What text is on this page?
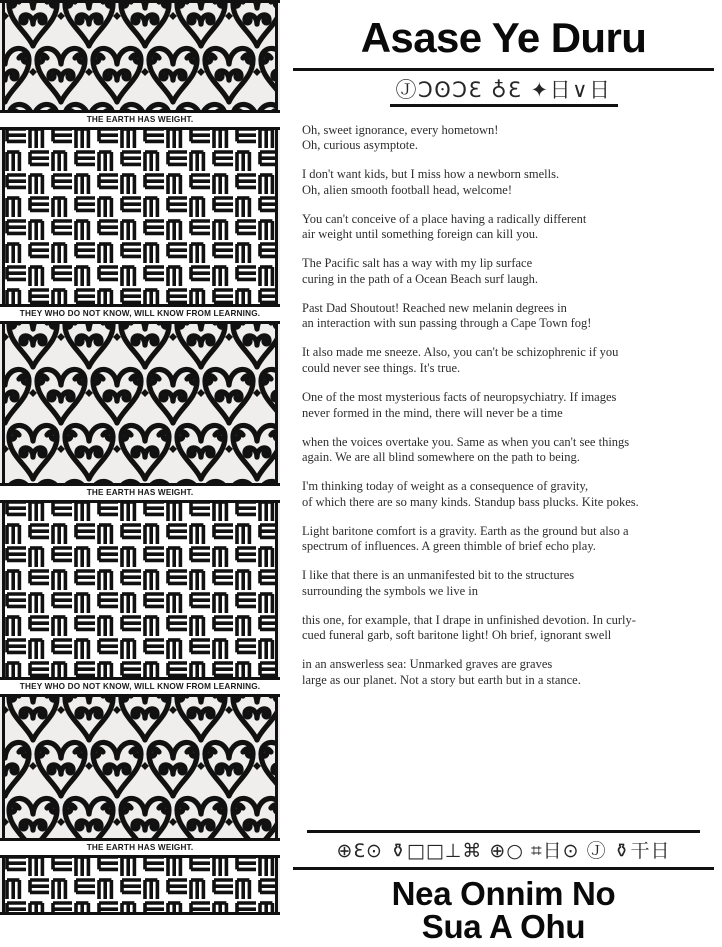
THE EARTH HAS WEIGHT.
THEY WHO DO NOT KNOW, WILL KNOW FROM LEARNING.
THE EARTH HAS WEIGHT.
THEY WHO DO NOT KNOW, WILL KNOW FROM LEARNING.
THE EARTH HAS WEIGHT.
Asase Ye Duru
ⒿƆʘƆƐ ♁Ɛ ✦日∨日
Oh, sweet ignorance, every hometown!
Oh, curious asymptote.
I don't want kids, but I miss how a newborn smells.
Oh, alien smooth football head, welcome!
You can't conceive of a place having a radically different
air weight until something foreign can kill you.
The Pacific salt has a way with my lip surface
curing in the path of a Ocean Beach surf laugh.
Past Dad Shoutout! Reached new melanin degrees in
an interaction with sun passing through a Cape Town fog!
It also made me sneeze. Also, you can't be schizophrenic if you
could never see things. It's true.
One of the most mysterious facts of neuropsychiatry. If images
never formed in the mind, there will never be a time
when the voices overtake you. Same as when you can't see things
again. We are all blind somewhere on the path to being.
I'm thinking today of weight as a consequence of gravity,
of which there are so many kinds. Standup bass plucks. Kite pokes.
Light baritone comfort is a gravity. Earth as the ground but also a
spectrum of influences. A green thimble of brief echo play.
I like that there is an unmanifested bit to the structures
surrounding the symbols we live in
this one, for example, that I drape in unfinished devotion. In curly-
cued funeral garb, soft baritone light! Oh brief, ignorant swell
in an answerless sea: Unmarked graves are graves
large as our planet. Not a story but earth but in a stance.
⊕Ɛ⊙ ⚱□□⊥⌘ ⊕○ ⌗日⊙ Ⓙ ⚱干日
Nea Onnim No
Sua A Ohu
